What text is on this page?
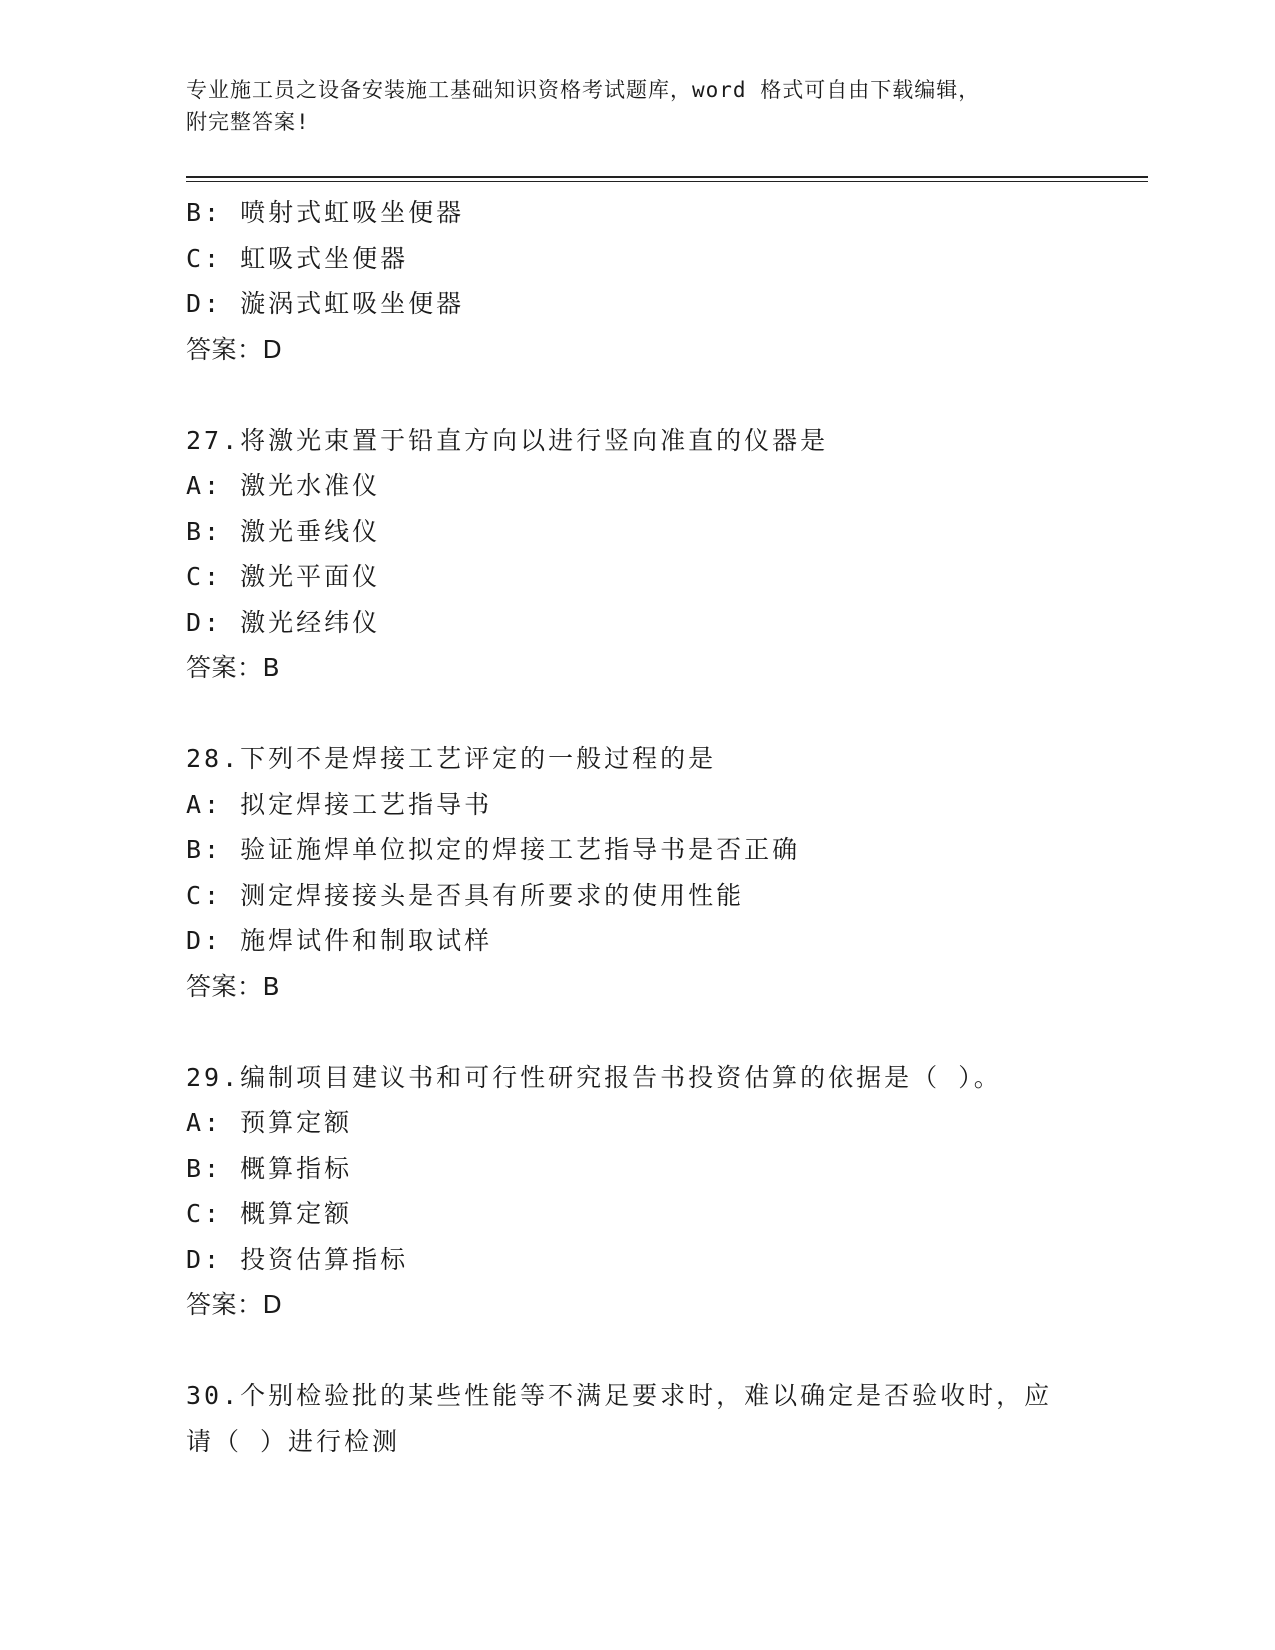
专业施工员之设备安装施工基础知识资格考试题库，word 格式可自由下载编辑，
附完整答案!
B: 喷射式虹吸坐便器
C: 虹吸式坐便器
D: 漩涡式虹吸坐便器
答案：D
27.将激光束置于铅直方向以进行竖向准直的仪器是
A: 激光水准仪
B: 激光垂线仪
C: 激光平面仪
D: 激光经纬仪
答案：B
28.下列不是焊接工艺评定的一般过程的是
A: 拟定焊接工艺指导书
B: 验证施焊单位拟定的焊接工艺指导书是否正确
C: 测定焊接接头是否具有所要求的使用性能
D: 施焊试件和制取试样
答案：B
29.编制项目建议书和可行性研究报告书投资估算的依据是（ ）。
A: 预算定额
B: 概算指标
C: 概算定额
D: 投资估算指标
答案：D
30.个别检验批的某些性能等不满足要求时，难以确定是否验收时，应
请（ ）进行检测
